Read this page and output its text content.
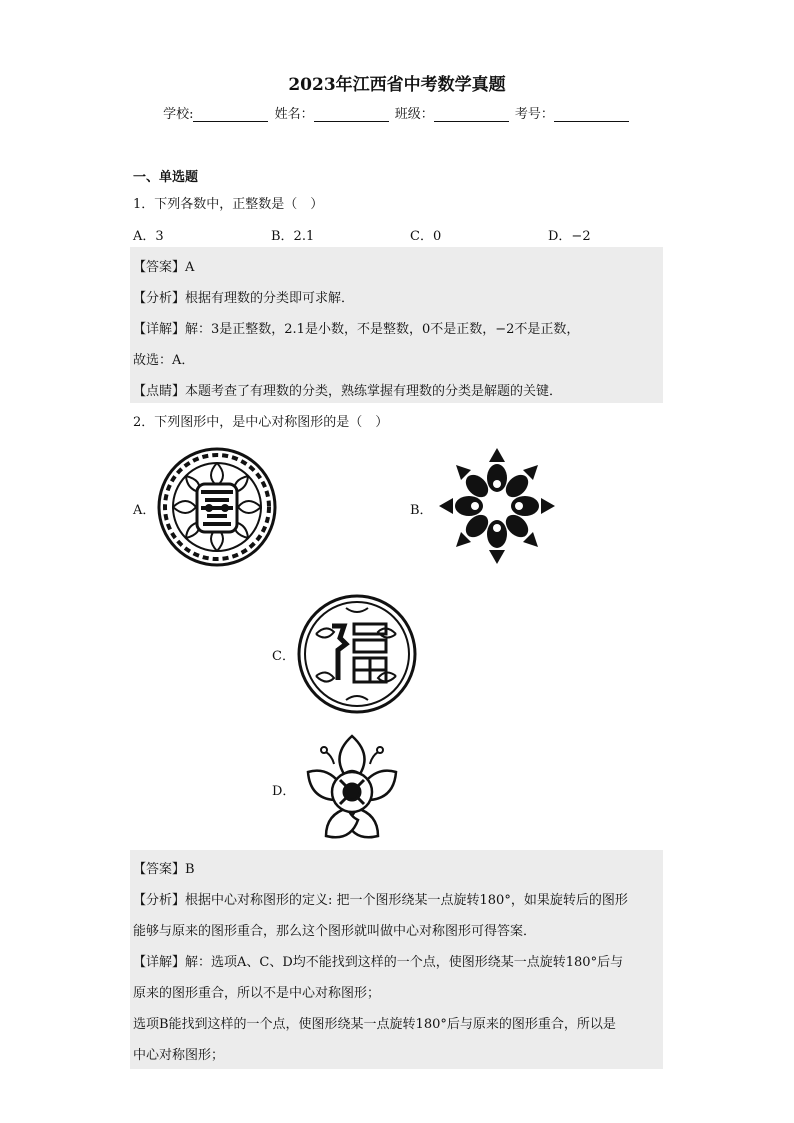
2023年江西省中考数学真题
学校:	姓名：	班级：	考号：
一、单选题
1．下列各数中，正整数是（　）
A．3	B．2.1	C．0	D．−2
【答案】A
【分析】根据有理数的分类即可求解．
【详解】解：3是正整数，2.1是小数，不是整数，0不是正数，−2不是正数，
故选：A．
【点睛】本题考查了有理数的分类，熟练掌握有理数的分类是解题的关键．
2．下列图形中，是中心对称图形的是（　）
A．	B．
C．
D．
【答案】B
【分析】根据中心对称图形的定义: 把一个图形绕某一点旋转180°，如果旋转后的图形
能够与原来的图形重合，那么这个图形就叫做中心对称图形可得答案．
【详解】解：选项A、C、D均不能找到这样的一个点，使图形绕某一点旋转180°后与
原来的图形重合，所以不是中心对称图形；
选项B能找到这样的一个点，使图形绕某一点旋转180°后与原来的图形重合，所以是
中心对称图形；
